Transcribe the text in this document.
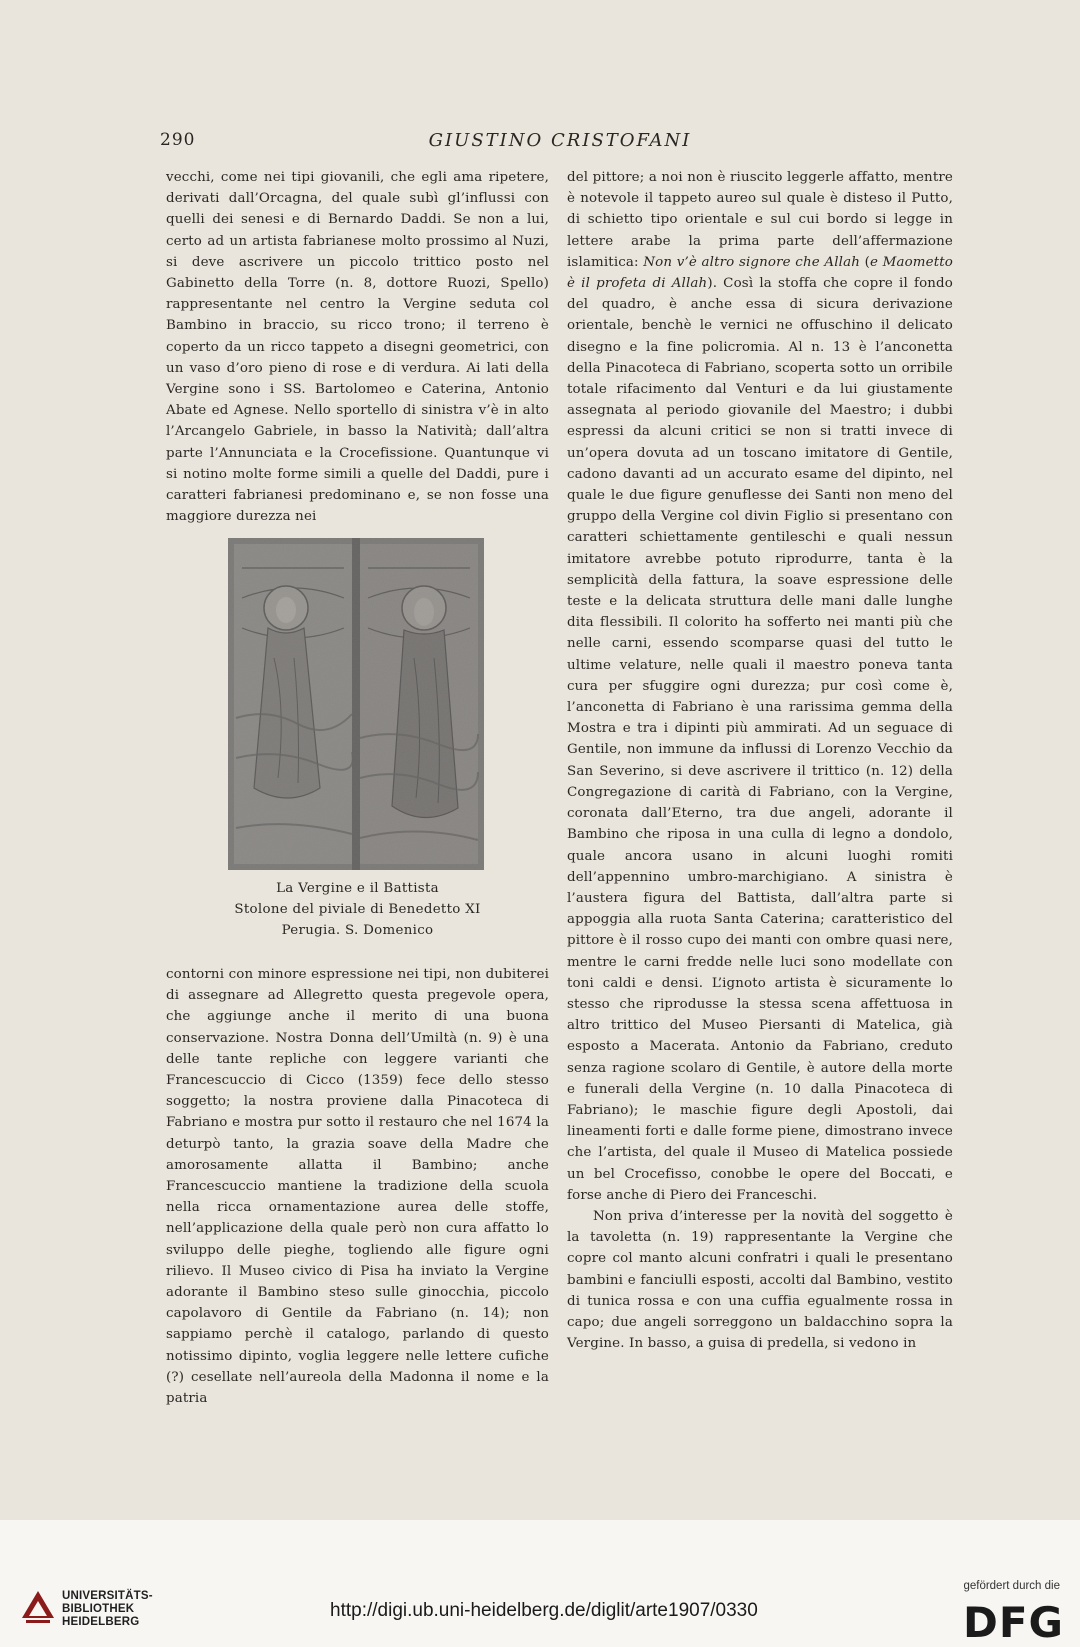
290	GIUSTINO CRISTOFANI

vecchi, come nei tipi giovanili, che egli ama ripetere, derivati dall’Orcagna, del quale subì gl’influssi con quelli dei senesi e di Bernardo Daddi. Se non a lui, certo ad un artista fabrianese molto prossimo al Nuzi, si deve ascrivere un piccolo trittico posto nel Gabinetto della Torre (n. 8, dottore Ruozi, Spello) rappresentante nel centro la Vergine seduta col Bambino in braccio, su ricco trono; il terreno è coperto da un ricco tappeto a disegni geometrici, con un vaso d’oro pieno di rose e di verdura. Ai lati della Vergine sono i SS. Bartolomeo e Caterina, Antonio Abate ed Agnese. Nello sportello di sinistra v’è in alto l’Arcangelo Gabriele, in basso la Natività; dall’altra parte l’Annunciata e la Crocefissione. Quantunque vi si notino molte forme simili a quelle del Daddi, pure i caratteri fabrianesi predominano e, se non fosse una maggiore durezza nei

La Vergine e il Battista
Stolone del piviale di Benedetto XI
Perugia. S. Domenico

contorni con minore espressione nei tipi, non dubiterei di assegnare ad Allegretto questa pregevole opera, che aggiunge anche il merito di una buona conservazione. Nostra Donna dell’Umiltà (n. 9) è una delle tante repliche con leggere varianti che Francescuccio di Cicco (1359) fece dello stesso soggetto; la nostra proviene dalla Pinacoteca di Fabriano e mostra pur sotto il restauro che nel 1674 la deturpò tanto, la grazia soave della Madre che amorosamente allatta il Bambino; anche Francescuccio mantiene la tradizione della scuola nella ricca ornamentazione aurea delle stoffe, nell’applicazione della quale però non cura affatto lo sviluppo delle pieghe, togliendo alle figure ogni rilievo. Il Museo civico di Pisa ha inviato la Vergine adorante il Bambino steso sulle ginocchia, piccolo capolavoro di Gentile da Fabriano (n. 14); non sappiamo perchè il catalogo, parlando di questo notissimo dipinto, voglia leggere nelle lettere cufiche (?) cesellate nell’aureola della Madonna il nome e la patria

del pittore; a noi non è riuscito leggerle affatto, mentre è notevole il tappeto aureo sul quale è disteso il Putto, di schietto tipo orientale e sul cui bordo si legge in lettere arabe la prima parte dell’affermazione islamitica: Non v’è altro signore che Allah (e Maometto è il profeta di Allah). Così la stoffa che copre il fondo del quadro, è anche essa di sicura derivazione orientale, benchè le vernici ne offuschino il delicato disegno e la fine policromia. Al n. 13 è l’anconetta della Pinacoteca di Fabriano, scoperta sotto un orribile totale rifacimento dal Venturi e da lui giustamente assegnata al periodo giovanile del Maestro; i dubbi espressi da alcuni critici se non si tratti invece di un’opera dovuta ad un toscano imitatore di Gentile, cadono davanti ad un accurato esame del dipinto, nel quale le due figure genuflesse dei Santi non meno del gruppo della Vergine col divin Figlio si presentano con caratteri schiettamente gentileschi e quali nessun imitatore avrebbe potuto riprodurre, tanta è la semplicità della fattura, la soave espressione delle teste e la delicata struttura delle mani dalle lunghe dita flessibili. Il colorito ha sofferto nei manti più che nelle carni, essendo scomparse quasi del tutto le ultime velature, nelle quali il maestro poneva tanta cura per sfuggire ogni durezza; pur così come è, l’anconetta di Fabriano è una rarissima gemma della Mostra e tra i dipinti più ammirati. Ad un seguace di Gentile, non immune da influssi di Lorenzo Vecchio da San Severino, si deve ascrivere il trittico (n. 12) della Congregazione di carità di Fabriano, con la Vergine, coronata dall’Eterno, tra due angeli, adorante il Bambino che riposa in una culla di legno a dondolo, quale ancora usano in alcuni luoghi romiti dell’appennino umbro-marchigiano. A sinistra è l’austera figura del Battista, dall’altra parte si appoggia alla ruota Santa Caterina; caratteristico del pittore è il rosso cupo dei manti con ombre quasi nere, mentre le carni fredde nelle luci sono modellate con toni caldi e densi. L’ignoto artista è sicuramente lo stesso che riprodusse la stessa scena affettuosa in altro trittico del Museo Piersanti di Matelica, già esposto a Macerata. Antonio da Fabriano, creduto senza ragione scolaro di Gentile, è autore della morte e funerali della Vergine (n. 10 dalla Pinacoteca di Fabriano); le maschie figure degli Apostoli, dai lineamenti forti e dalle forme piene, dimostrano invece che l’artista, del quale il Museo di Matelica possiede un bel Crocefisso, conobbe le opere del Boccati, e forse anche di Piero dei Franceschi.

Non priva d’interesse per la novità del soggetto è la tavoletta (n. 19) rappresentante la Vergine che copre col manto alcuni confratri i quali le presentano bambini e fanciulli esposti, accolti dal Bambino, vestito di tunica rossa e con una cuffia egualmente rossa in capo; due angeli sorreggono un baldacchino sopra la Vergine. In basso, a guisa di predella, si vedono in

UNIVERSITÄTS-
BIBLIOTHEK
HEIDELBERG
http://digi.ub.uni-heidelberg.de/diglit/arte1907/0330
gefördert durch die
DFG
